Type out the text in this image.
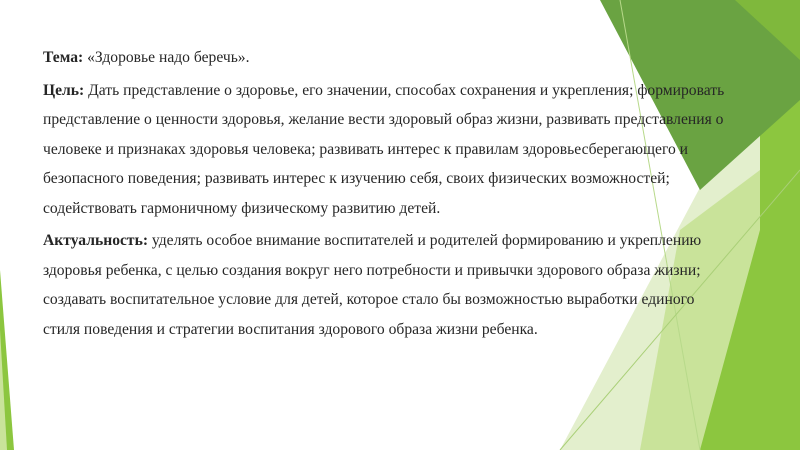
Тема: «Здоровье надо беречь».

Цель: Дать представление о здоровье, его значении, способах сохранения и укрепления; формировать представление о ценности здоровья, желание вести здоровый образ жизни, развивать представления о человеке и признаках здоровья человека; развивать интерес к правилам здоровьесберегающего и безопасного поведения; развивать интерес к изучению себя, своих физических возможностей; содействовать гармоничному физическому развитию детей.

Актуальность: уделять особое внимание воспитателей и родителей формированию и укреплению здоровья ребенка, с целью создания вокруг него потребности и привычки здорового образа жизни; создавать воспитательное условие для детей, которое стало бы возможностью выработки единого стиля поведения и стратегии воспитания здорового образа жизни ребенка.
